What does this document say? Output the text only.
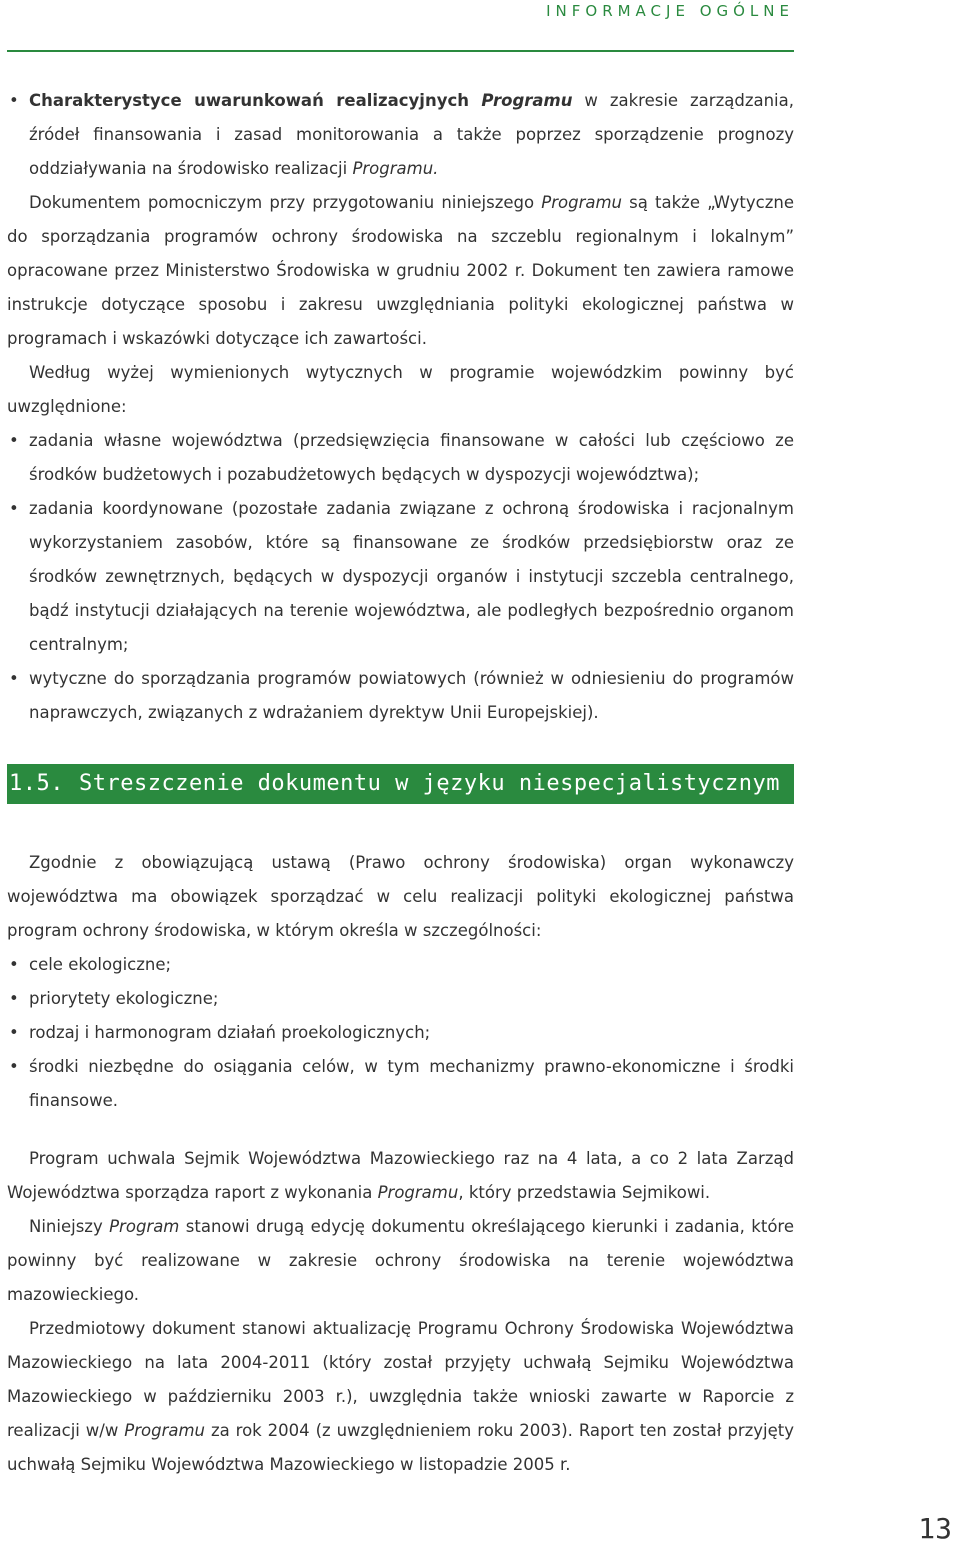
INFORMACJE OGÓLNE
• Charakterystyce uwarunkowań realizacyjnych Programu w zakresie zarządzania, źródeł finansowania i zasad monitorowania a także poprzez sporządzenie prognozy oddziaływania na środowisko realizacji Programu.

Dokumentem pomocniczym przy przygotowaniu niniejszego Programu są także „Wytyczne do sporządzania programów ochrony środowiska na szczeblu regionalnym i lokalnym” opracowane przez Ministerstwo Środowiska w grudniu 2002 r. Dokument ten zawiera ramowe instrukcje dotyczące sposobu i zakresu uwzględniania polityki ekologicznej państwa w programach i wskazówki dotyczące ich zawartości.

Według wyżej wymienionych wytycznych w programie wojewódzkim powinny być uwzględnione:

• zadania własne województwa (przedsięwzięcia finansowane w całości lub częściowo ze środków budżetowych i pozabudżetowych będących w dyspozycji województwa);
• zadania koordynowane (pozostałe zadania związane z ochroną środowiska i racjonalnym wykorzystaniem zasobów, które są finansowane ze środków przedsiębiorstw oraz ze środków zewnętrznych, będących w dyspozycji organów i instytucji szczebla centralnego, bądź instytucji działających na terenie województwa, ale podległych bezpośrednio organom centralnym;
• wytyczne do sporządzania programów powiatowych (również w odniesieniu do programów naprawczych, związanych z wdrażaniem dyrektyw Unii Europejskiej).
1.5. Streszczenie dokumentu w języku niespecjalistycznym

Zgodnie z obowiązującą ustawą (Prawo ochrony środowiska) organ wykonawczy województwa ma obowiązek sporządzać w celu realizacji polityki ekologicznej państwa program ochrony środowiska, w którym określa w szczególności:

• cele ekologiczne;
• priorytety ekologiczne;
• rodzaj i harmonogram działań proekologicznych;
• środki niezbędne do osiągania celów, w tym mechanizmy prawno-ekonomiczne i środki finansowe.

Program uchwala Sejmik Województwa Mazowieckiego raz na 4 lata, a co 2 lata Zarząd Województwa sporządza raport z wykonania Programu, który przedstawia Sejmikowi.

Niniejszy Program stanowi drugą edycję dokumentu określającego kierunki i zadania, które powinny być realizowane w zakresie ochrony środowiska na terenie województwa mazowieckiego.

Przedmiotowy dokument stanowi aktualizację Programu Ochrony Środowiska Województwa Mazowieckiego na lata 2004-2011 (który został przyjęty uchwałą Sejmiku Województwa Mazowieckiego w październiku 2003 r.), uwzględnia także wnioski zawarte w Raporcie z realizacji w/w Programu za rok 2004 (z uwzględnieniem roku 2003). Raport ten został przyjęty uchwałą Sejmiku Województwa Mazowieckiego w listopadzie 2005 r.

13
